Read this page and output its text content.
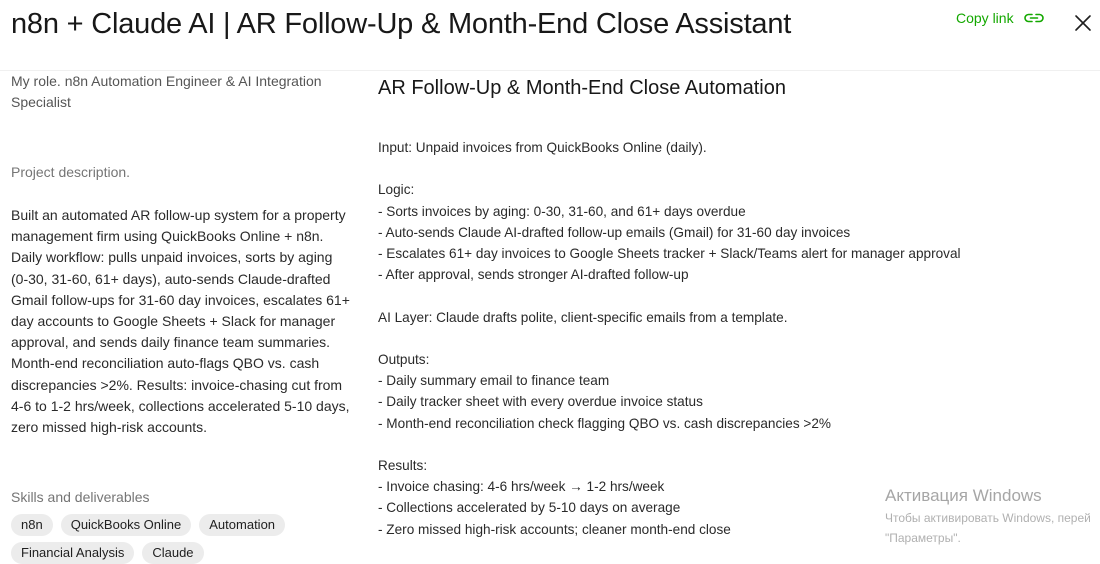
n8n + Claude AI | AR Follow-Up & Month-End Close Assistant	Copy link
My role. n8n Automation Engineer & AI Integration Specialist
Project description.
Built an automated AR follow-up system for a property management firm using QuickBooks Online + n8n. Daily workflow: pulls unpaid invoices, sorts by aging (0-30, 31-60, 61+ days), auto-sends Claude-drafted Gmail follow-ups for 31-60 day invoices, escalates 61+ day accounts to Google Sheets + Slack for manager approval, and sends daily finance team summaries. Month-end reconciliation auto-flags QBO vs. cash discrepancies >2%. Results: invoice-chasing cut from 4-6 to 1-2 hrs/week, collections accelerated 5-10 days, zero missed high-risk accounts.
Skills and deliverables
n8n	QuickBooks Online	Automation
Financial Analysis	Claude
AR Follow-Up & Month-End Close Automation
Input: Unpaid invoices from QuickBooks Online (daily).
Logic:
- Sorts invoices by aging: 0-30, 31-60, and 61+ days overdue
- Auto-sends Claude AI-drafted follow-up emails (Gmail) for 31-60 day invoices
- Escalates 61+ day invoices to Google Sheets tracker + Slack/Teams alert for manager approval
- After approval, sends stronger AI-drafted follow-up
AI Layer: Claude drafts polite, client-specific emails from a template.
Outputs:
- Daily summary email to finance team
- Daily tracker sheet with every overdue invoice status
- Month-end reconciliation check flagging QBO vs. cash discrepancies >2%
Results:
- Invoice chasing: 4-6 hrs/week → 1-2 hrs/week
- Collections accelerated by 5-10 days on average
- Zero missed high-risk accounts; cleaner month-end close
Активация Windows
Чтобы активировать Windows, перей
"Параметры".
